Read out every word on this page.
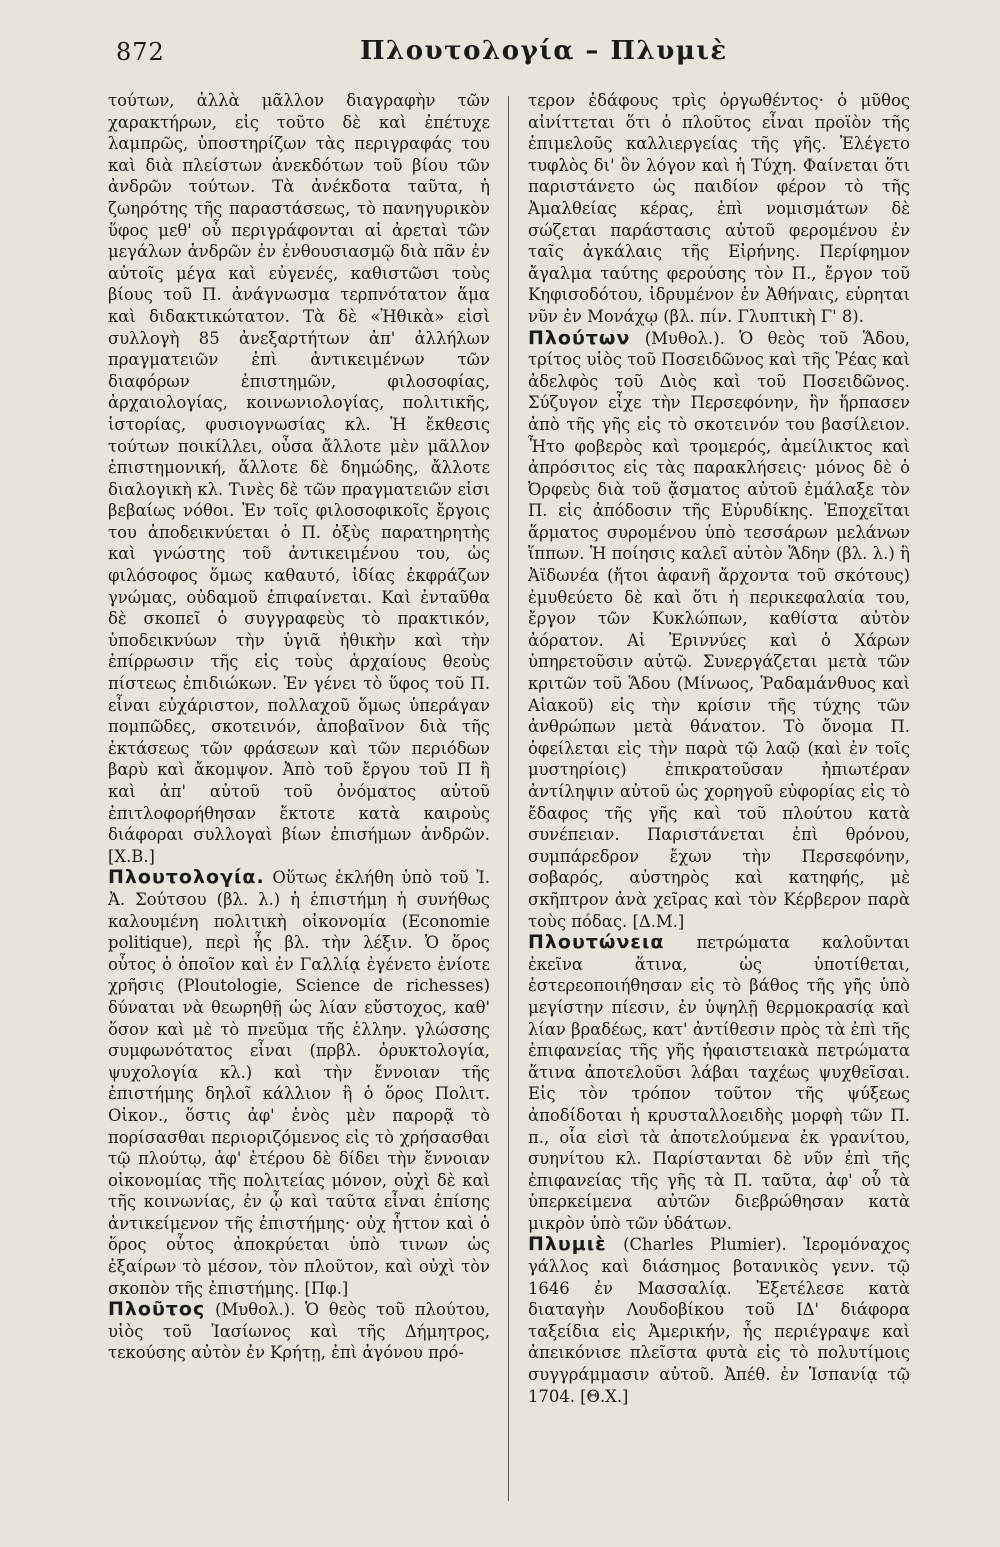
872	Πλουτολογία – Πλυμιὲ

τούτων, ἀλλὰ μᾶλλον διαγραφὴν τῶν χαρακτήρων, εἰς τοῦτο δὲ καὶ ἐπέτυχε λαμπρῶς, ὑποστηρίζων τὰς περιγραφάς του καὶ διὰ πλείστων ἀνεκδότων τοῦ βίου τῶν ἀνδρῶν τούτων. Τὰ ἀνέκδοτα ταῦτα, ἡ ζωηρότης τῆς παραστάσεως, τὸ πανηγυρικὸν ὕφος μεθ' οὗ περιγράφονται αἱ ἀρεταὶ τῶν μεγάλων ἀνδρῶν ἐν ἐνθουσιασμῷ διὰ πᾶν ἐν αὐτοῖς μέγα καὶ εὐγενές, καθιστῶσι τοὺς βίους τοῦ Π. ἀνάγνωσμα τερπνότατον ἅμα καὶ διδακτικώτατον. Τὰ δὲ «Ἠθικὰ» εἰσὶ συλλογὴ 85 ἀνεξαρτήτων ἀπ' ἀλλήλων πραγματειῶν ἐπὶ ἀντικειμένων τῶν διαφόρων ἐπιστημῶν, φιλοσοφίας, ἀρχαιολογίας, κοινωνιολογίας, πολιτικῆς, ἱστορίας, φυσιογνωσίας κλ. Ἡ ἔκθεσις τούτων ποικίλλει, οὖσα ἄλλοτε μὲν μᾶλλον ἐπιστημονική, ἄλλοτε δὲ δημώδης, ἄλλοτε διαλογικὴ κλ. Τινὲς δὲ τῶν πραγματειῶν εἰσι βεβαίως νόθοι. Ἐν τοῖς φιλοσοφικοῖς ἔργοις του ἀποδεικνύεται ὁ Π. ὀξὺς παρατηρητὴς καὶ γνώστης τοῦ ἀντικειμένου του, ὡς φιλόσοφος ὅμως καθαυτό, ἰδίας ἐκφράζων γνώμας, οὐδαμοῦ ἐπιφαίνεται. Καὶ ἐνταῦθα δὲ σκοπεῖ ὁ συγγραφεὺς τὸ πρακτικόν, ὑποδεικνύων τὴν ὑγιᾶ ἠθικὴν καὶ τὴν ἐπίρρωσιν τῆς εἰς τοὺς ἀρχαίους θεοὺς πίστεως ἐπιδιώκων. Ἐν γένει τὸ ὕφος τοῦ Π. εἶναι εὐχάριστον, πολλαχοῦ ὅμως ὑπεράγαν πομπῶδες, σκοτεινόν, ἀποβαῖνον διὰ τῆς ἐκτάσεως τῶν φράσεων καὶ τῶν περιόδων βαρὺ καὶ ἄκομψον. Ἀπὸ τοῦ ἔργου τοῦ Π ἢ καὶ ἀπ' αὐτοῦ τοῦ ὀνόματος αὐτοῦ ἐπιτλοφορήθησαν ἔκτοτε κατὰ καιροὺς διάφοραι συλλογαὶ βίων ἐπισήμων ἀνδρῶν. [Χ.Β.]

Πλουτολογία. Οὕτως ἐκλήθη ὑπὸ τοῦ Ἰ. Ἀ. Σούτσου (βλ. λ.) ἡ ἐπιστήμη ἡ συνήθως καλουμένη πολιτικὴ οἰκονομία (Economie politique), περὶ ἧς βλ. τὴν λέξιν. Ὁ ὅρος οὗτος ὁ ὁποῖον καὶ ἐν Γαλλίᾳ ἐγένετο ἐνίοτε χρῆσις (Ploutologie, Science de richesses) δύναται νὰ θεωρηθῇ ὡς λίαν εὔστοχος, καθ' ὅσον καὶ μὲ τὸ πνεῦμα τῆς ἑλλην. γλώσσης συμφωνότατος εἶναι (πρβλ. ὀρυκτολογία, ψυχολογία κλ.) καὶ τὴν ἔννοιαν τῆς ἐπιστήμης δηλοῖ κάλλιον ἢ ὁ ὅρος Πολιτ. Οἰκον., ὅστις ἀφ' ἑνὸς μὲν παρορᾷ τὸ πορίσασθαι περιοριζόμενος εἰς τὸ χρήσασθαι τῷ πλούτῳ, ἀφ' ἑτέρου δὲ δίδει τὴν ἔννοιαν οἰκονομίας τῆς πολιτείας μόνον, οὐχὶ δὲ καὶ τῆς κοινωνίας, ἐν ᾧ καὶ ταῦτα εἶναι ἐπίσης ἀντικείμενον τῆς ἐπιστήμης· οὐχ ἧττον καὶ ὁ ὅρος οὗτος ἀποκρύεται ὑπὸ τινων ὡς ἐξαίρων τὸ μέσον, τὸν πλοῦτον, καὶ οὐχὶ τὸν σκοπὸν τῆς ἐπιστήμης. [Πφ.]

Πλοῦτος (Μυθολ.). Ὁ θεὸς τοῦ πλούτου, υἱὸς τοῦ Ἰασίωνος καὶ τῆς Δήμητρος, τεκούσης αὐτὸν ἐν Κρήτῃ, ἐπὶ ἀγόνου πρό-

τερον ἐδάφους τρὶς ὀργωθέντος· ὁ μῦθος αἰνίττεται ὅτι ὁ πλοῦτος εἶναι προϊὸν τῆς ἐπιμελοῦς καλλιεργείας τῆς γῆς. Ἐλέγετο τυφλὸς δι' ὃν λόγον καὶ ἡ Τύχη. Φαίνεται ὅτι παριστάνετο ὡς παιδίον φέρον τὸ τῆς Ἀμαλθείας κέρας, ἐπὶ νομισμάτων δὲ σώζεται παράστασις αὐτοῦ φερομένου ἐν ταῖς ἀγκάλαις τῆς Εἰρήνης. Περίφημον ἄγαλμα ταύτης φερούσης τὸν Π., ἔργον τοῦ Κηφισοδότου, ἱδρυμένον ἐν Ἀθήναις, εὑρηται νῦν ἐν Μονάχῳ (βλ. πίν. Γλυπτικὴ Γ' 8).

Πλούτων (Μυθολ.). Ὁ θεὸς τοῦ Ἅδου, τρίτος υἱὸς τοῦ Ποσειδῶνος καὶ τῆς Ῥέας καὶ ἀδελφὸς τοῦ Διὸς καὶ τοῦ Ποσειδῶνος. Σύζυγον εἶχε τὴν Περσεφόνην, ἣν ἥρπασεν ἀπὸ τῆς γῆς εἰς τὸ σκοτεινόν του βασίλειον. Ἦτο φοβερὸς καὶ τρομερός, ἀμείλικτος καὶ ἀπρόσιτος εἰς τὰς παρακλήσεις· μόνος δὲ ὁ Ὀρφεὺς διὰ τοῦ ᾄσματος αὐτοῦ ἐμάλαξε τὸν Π. εἰς ἀπόδοσιν τῆς Εὐρυδίκης. Ἐποχεῖται ἅρματος συρομένου ὑπὸ τεσσάρων μελάνων ἵππων. Ἡ ποίησις καλεῖ αὐτὸν Ἅδην (βλ. λ.) ἢ Ἀϊδωνέα (ἤτοι ἀφανῆ ἄρχοντα τοῦ σκότους) ἐμυθεύετο δὲ καὶ ὅτι ἡ περικεφαλαία του, ἔργον τῶν Κυκλώπων, καθίστα αὐτὸν ἀόρατον. Αἱ Ἐριννύες καὶ ὁ Χάρων ὑπηρετοῦσιν αὐτῷ. Συνεργάζεται μετὰ τῶν κριτῶν τοῦ Ἅδου (Μίνωος, Ῥαδαμάνθυος καὶ Αἰακοῦ) εἰς τὴν κρίσιν τῆς τύχης τῶν ἀνθρώπων μετὰ θάνατον. Τὸ ὄνομα Π. ὀφείλεται εἰς τὴν παρὰ τῷ λαῷ (καὶ ἐν τοῖς μυστηρίοις) ἐπικρατοῦσαν ἠπιωτέραν ἀντίληψιν αὐτοῦ ὡς χορηγοῦ εὐφορίας εἰς τὸ ἔδαφος τῆς γῆς καὶ τοῦ πλούτου κατὰ συνέπειαν. Παριστάνεται ἐπὶ θρόνου, συμπάρεδρον ἔχων τὴν Περσεφόνην, σοβαρός, αὐστηρὸς καὶ κατηφής, μὲ σκῆπτρον ἀνὰ χεῖρας καὶ τὸν Κέρβερον παρὰ τοὺς πόδας. [Δ.Μ.]

Πλουτώνεια πετρώματα καλοῦνται ἐκεῖνα ἅτινα, ὡς ὑποτίθεται, ἐστερεοποιήθησαν εἰς τὸ βάθος τῆς γῆς ὑπὸ μεγίστην πίεσιν, ἐν ὑψηλῇ θερμοκρασίᾳ καὶ λίαν βραδέως, κατ' ἀντίθεσιν πρὸς τὰ ἐπὶ τῆς ἐπιφανείας τῆς γῆς ἠφαιστειακὰ πετρώματα ἅτινα ἀποτελοῦσι λάβαι ταχέως ψυχθεῖσαι. Εἰς τὸν τρόπον τοῦτον τῆς ψύξεως ἀποδίδοται ἡ κρυσταλλοειδὴς μορφὴ τῶν Π. π., οἷα εἰσὶ τὰ ἀποτελούμενα ἐκ γρανίτου, συηνίτου κλ. Παρίστανται δὲ νῦν ἐπὶ τῆς ἐπιφανείας τῆς γῆς τὰ Π. ταῦτα, ἀφ' οὗ τὰ ὑπερκείμενα αὐτῶν διεβρώθησαν κατὰ μικρὸν ὑπὸ τῶν ὑδάτων.

Πλυμιὲ (Charles Plumier). Ἱερομόναχος γάλλος καὶ διάσημος βοτανικὸς γενν. τῷ 1646 ἐν Μασσαλίᾳ. Ἐξετέλεσε κατὰ διαταγὴν Λουδοβίκου τοῦ ΙΔ' διάφορα ταξείδια εἰς Ἀμερικήν, ἧς περιέγραψε καὶ ἀπεικόνισε πλεῖστα φυτὰ εἰς τὸ πολυτίμοις συγγράμμασιν αὐτοῦ. Ἀπέθ. ἐν Ἱσπανίᾳ τῷ 1704. [Θ.Χ.]
